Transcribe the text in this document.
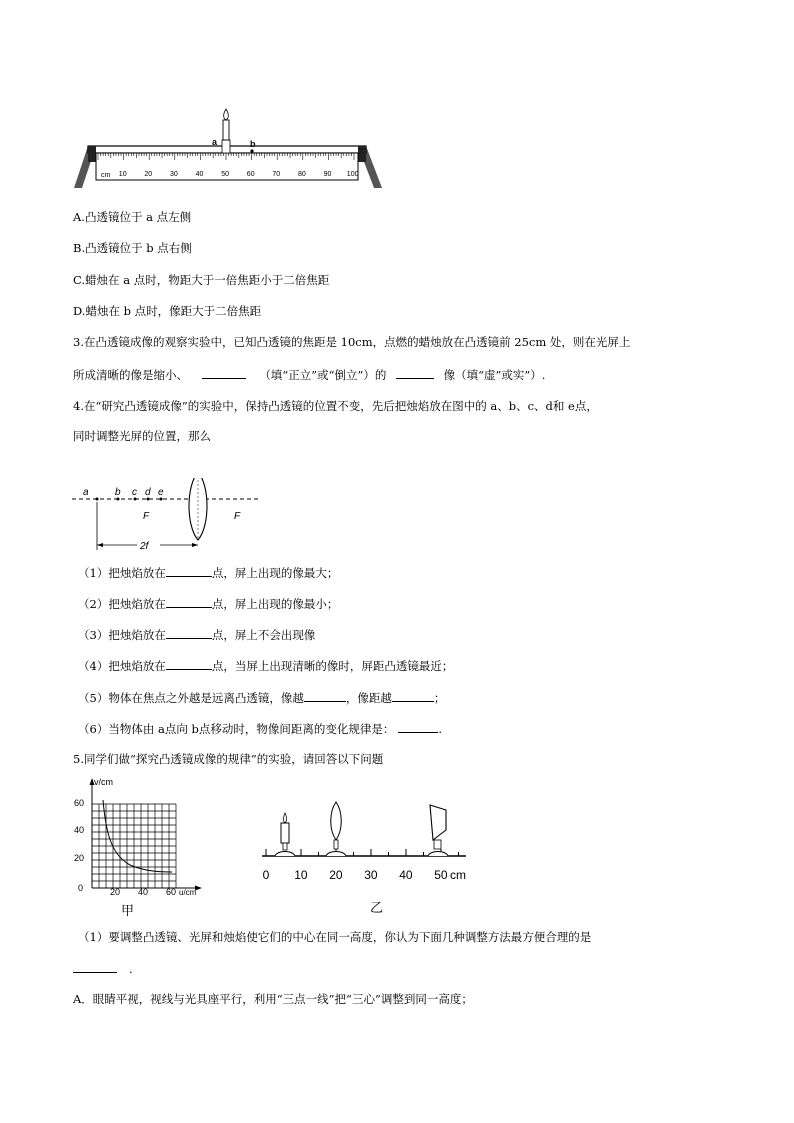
a	b
cm 10	20	30	40	50	60	70	80	90 100
A.凸透镜位于 a 点左侧
B.凸透镜位于 b 点右侧
C.蜡烛在 a 点时，物距大于一倍焦距小于二倍焦距
D.蜡烛在 b 点时，像距大于二倍焦距
3.在凸透镜成像的观察实验中，已知凸透镜的焦距是 10cm，点燃的蜡烛放在凸透镜前 25cm 处，则在光屏上
所成清晰的像是缩小、	（填“正立”或“倒立”）的	像（填“虚”或实”）.
4.在“研究凸透镜成像”的实验中，保持凸透镜的位置不变，先后把烛焰放在图中的 a、b、c、d和 e点，
同时调整光屏的位置，那么
a	b c d e
F	F
2f
（1）把烛焰放在	点，屏上出现的像最大；
（2）把烛焰放在	点，屏上出现的像最小；
（3）把烛焰放在	点，屏上不会出现像
（4）把烛焰放在	点，当屏上出现清晰的像时，屏距凸透镜最近；
（5）物体在焦点之外越是远离凸透镜，像越	，像距越	；
（6）当物体由 a点向 b点移动时，物像间距离的变化规律是：	.
5.同学们做“探究凸透镜成像的规律”的实验，请回答以下问题
v/cm
60
40
20
0	20 40 60 u/cm
甲
0 10 20 30 40 50 cm
乙
（1）要调整凸透镜、光屏和烛焰使它们的中心在同一高度，你认为下面几种调整方法最方便合理的是
.
A．眼睛平视，视线与光具座平行，利用“三点一线”把“三心”调整到同一高度；
